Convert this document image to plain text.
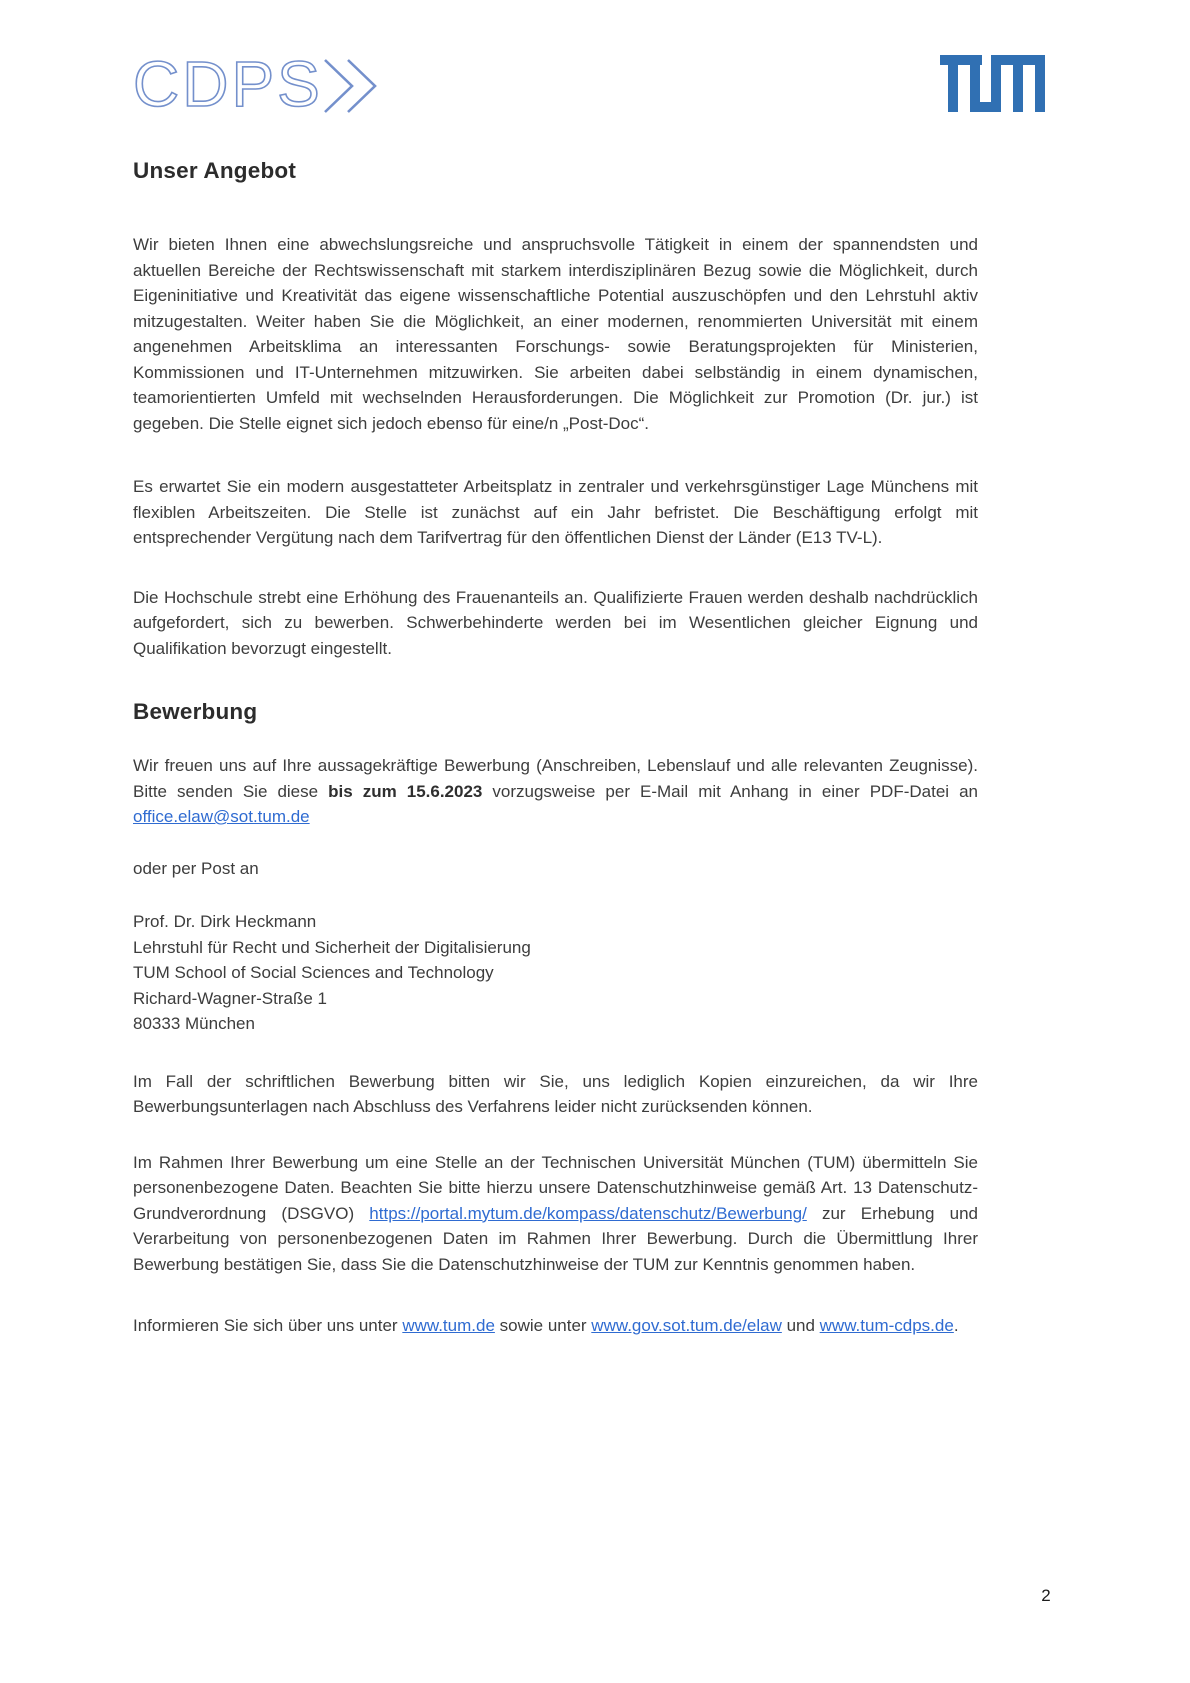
CDPS
Unser Angebot

Wir bieten Ihnen eine abwechslungsreiche und anspruchsvolle Tätigkeit in einem der spannendsten und aktuellen Bereiche der Rechtswissenschaft mit starkem interdisziplinären Bezug sowie die Möglichkeit, durch Eigeninitiative und Kreativität das eigene wissenschaftliche Potential auszuschöpfen und den Lehrstuhl aktiv mitzugestalten. Weiter haben Sie die Möglichkeit, an einer modernen, renommierten Universität mit einem angenehmen Arbeitsklima an interessanten Forschungs- sowie Beratungsprojekten für Ministerien, Kommissionen und IT-Unternehmen mitzuwirken. Sie arbeiten dabei selbständig in einem dynamischen, teamorientierten Umfeld mit wechselnden Herausforderungen. Die Möglichkeit zur Promotion (Dr. jur.) ist gegeben. Die Stelle eignet sich jedoch ebenso für eine/n „Post-Doc“.

Es erwartet Sie ein modern ausgestatteter Arbeitsplatz in zentraler und verkehrsgünstiger Lage Münchens mit flexiblen Arbeitszeiten. Die Stelle ist zunächst auf ein Jahr befristet. Die Beschäftigung erfolgt mit entsprechender Vergütung nach dem Tarifvertrag für den öffentlichen Dienst der Länder (E13 TV-L).

Die Hochschule strebt eine Erhöhung des Frauenanteils an. Qualifizierte Frauen werden deshalb nachdrücklich aufgefordert, sich zu bewerben. Schwerbehinderte werden bei im Wesentlichen gleicher Eignung und Qualifikation bevorzugt eingestellt.

Bewerbung

Wir freuen uns auf Ihre aussagekräftige Bewerbung (Anschreiben, Lebenslauf und alle relevanten Zeugnisse). Bitte senden Sie diese bis zum 15.6.2023 vorzugsweise per E-Mail mit Anhang in einer PDF-Datei an office.elaw@sot.tum.de

oder per Post an

Prof. Dr. Dirk Heckmann
Lehrstuhl für Recht und Sicherheit der Digitalisierung
TUM School of Social Sciences and Technology
Richard-Wagner-Straße 1
80333 München

Im Fall der schriftlichen Bewerbung bitten wir Sie, uns lediglich Kopien einzureichen, da wir Ihre Bewerbungsunterlagen nach Abschluss des Verfahrens leider nicht zurücksenden können.

Im Rahmen Ihrer Bewerbung um eine Stelle an der Technischen Universität München (TUM) übermitteln Sie personenbezogene Daten. Beachten Sie bitte hierzu unsere Datenschutzhinweise gemäß Art. 13 Datenschutz-Grundverordnung (DSGVO) https://portal.mytum.de/kompass/datenschutz/Bewerbung/ zur Erhebung und Verarbeitung von personenbezogenen Daten im Rahmen Ihrer Bewerbung. Durch die Übermittlung Ihrer Bewerbung bestätigen Sie, dass Sie die Datenschutzhinweise der TUM zur Kenntnis genommen haben.

Informieren Sie sich über uns unter www.tum.de sowie unter www.gov.sot.tum.de/elaw und www.tum-cdps.de.

2
